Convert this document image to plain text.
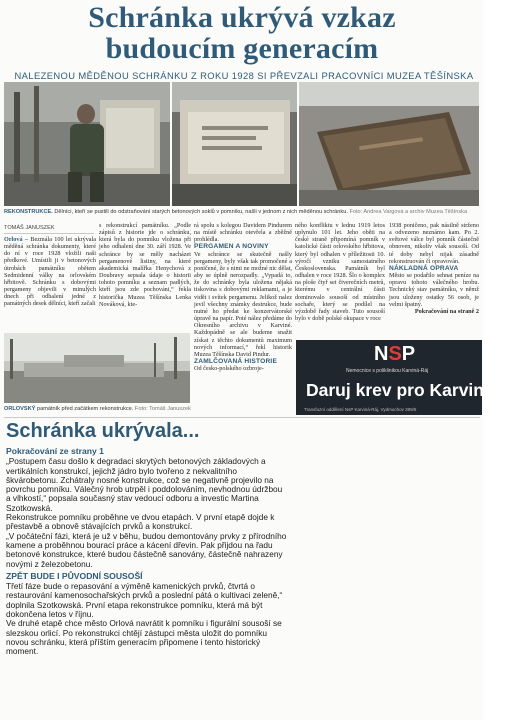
Schránka ukrývá vzkaz
budoucím generacím
NALEZENOU MĚDĚNOU SCHRÁNKU Z ROKU 1928 SI PŘEVZALI PRACOVNÍCI MUZEA TĚŠÍNSKA
REKONSTRUKCE. Dělníci, kteří se pustili do odstraňování starých betonových soklů v pomníku, našli v jednom z nich měděnou schránku. Foto: Andrea Vargová a archiv Muzea Těšínska
TOMÁŠ JANUSZEK

Orlová – Bezmála 100 let ukrývala měděná schránka dokumenty, které do ní v roce 1928 vložili naši předkové. Umístili ji v betonových útrobách památníku obětem Sedmidenní války na orlovském hřbitově. Schránku s dobovými pergameny objevili v minulých dnech při odhalení jedné z památných desek dělníci, kteří začali

s rekonstrukcí památníku. „Podle zápisů z historie jde o schránku, která byla do pomníku vložena při jeho odhalení dne 30. září 1928. Ve schránce by se měly nacházet pergamenové listiny, na které akademická malířka Henychová z Doubravy sepsala údaje o historii tohoto pomníku a seznam padlých, kteří jsou zde pochováni,“ řekla historička Muzea Těšínska Lenka Nováková, kte-

ORLOVSKÝ památník před začátkem rekonstrukce. Foto: Tomáš Januszek

rá spolu s kolegou Davidem Pindurem na místě schránku otevřela a zběžně prohlédla.

PERGAMEN A NOVINY

Ve schránce se skutečně našly pergameny, byly však tak promočené a poničené, že s nimi ne možné nic dělat, aby se úplně nerozpadly. „Vypadá to, že do schránky byla uložena nějaká tiskovina s dobovými reklamami, a je vidět i svítek pergamenu. Jelikož nalez jevil všechny známky destrukce, bude nutné ho předat ke konzervátorské úpravě na papír. Poté nález předáme do Okresního archivu v Karviné. Každopádně se ale budeme snažit získat z těchto dokumentů maximum nových informací,“ řekl historik Muzea Těšínska David Pindur.

ZAMLČOVANÁ HISTORIE

Od česko-polského ozbroje-

ného konfliktu v lednu 1919 letos uplynulo 101 let. Jeho oběti na české straně připomíná pomník v katolické části orlovského hřbitova, který byl odhalen v příležitosti 10. výročí vzniku samostatného Československa. Památník byl odhalen v roce 1928. Šlo o komplex na ploše čtyř set čtverečních metrů, kterému v centrální části dominovalo sousoší od místního sochaře, který se podílel na výzdobě řady staveb. Tuto sousoší bylo v době polské okupace v roce

1938 poničeno, pak násilně strženo a odvezeno neznámo kam. Po 2. světové válce byl pomník částečně obnoven, nikoliv však sousoší. Od té doby nebyl nijak zásadně rekonstruován či opravován.

NÁKLADNÁ OPRAVA

Město se podařilo sehnat peníze na opravu tohoto válečného hrobu. Technický stav památníku, v němž jsou uloženy ostatky 56 osob, je velmi špatný.

Pokračování na straně 2

NSP
Nemocnice s poliklinikou Karviná-Ráj
Daruj krev pro Karvinou
Transfuzní oddělení NsP Karviná-Ráj, Vydmuchov 399/5
Schránka ukrývala...

Pokračování ze strany 1

„Postupem času došlo k degradaci skrytých betonových základových a vertikálních konstrukcí, jejichž jádro bylo tvořeno z nekvalitního škvárobetonu. Zchátraly nosné konstrukce, což se negativně projevilo na povrchu pomníku. Válečný hrob utrpěl i poddolováním, nevhodnou údržbou a vlhkostí,“ popsala současný stav vedoucí odboru a investic Martina Szotkowská.

Rekonstrukce pomníku proběhne ve dvou etapách. V první etapě dojde k přestavbě a obnově stávajících prvků a konstrukcí.

„V počáteční fázi, která je už v běhu, budou demontovány prvky z přírodního kamene a proběhnou bourací práce a kácení dřevin. Pak přijdou na řadu betonové konstrukce, které budou částečně sanovány, částečně nahrazeny novými z železobetonu.

ZPĚT BUDE I PŮVODNÍ SOUSOŠÍ

Třetí fáze bude o repasování a výměně kamenických prvků, čtvrtá o restaurování kamenosochařských prvků a poslední pátá o kultivaci zeleně,“ doplnila Szotkowská. První etapa rekonstrukce pomníku, která má být dokončena letos v říjnu.

Ve druhé etapě chce město Orlová navrátit k pomníku i figurální sousoší se slezskou orlicí. Po rekonstrukci chtějí zástupci města uložit do pomníku novou schránku, která příštím generacím připomene i tento historický moment.
